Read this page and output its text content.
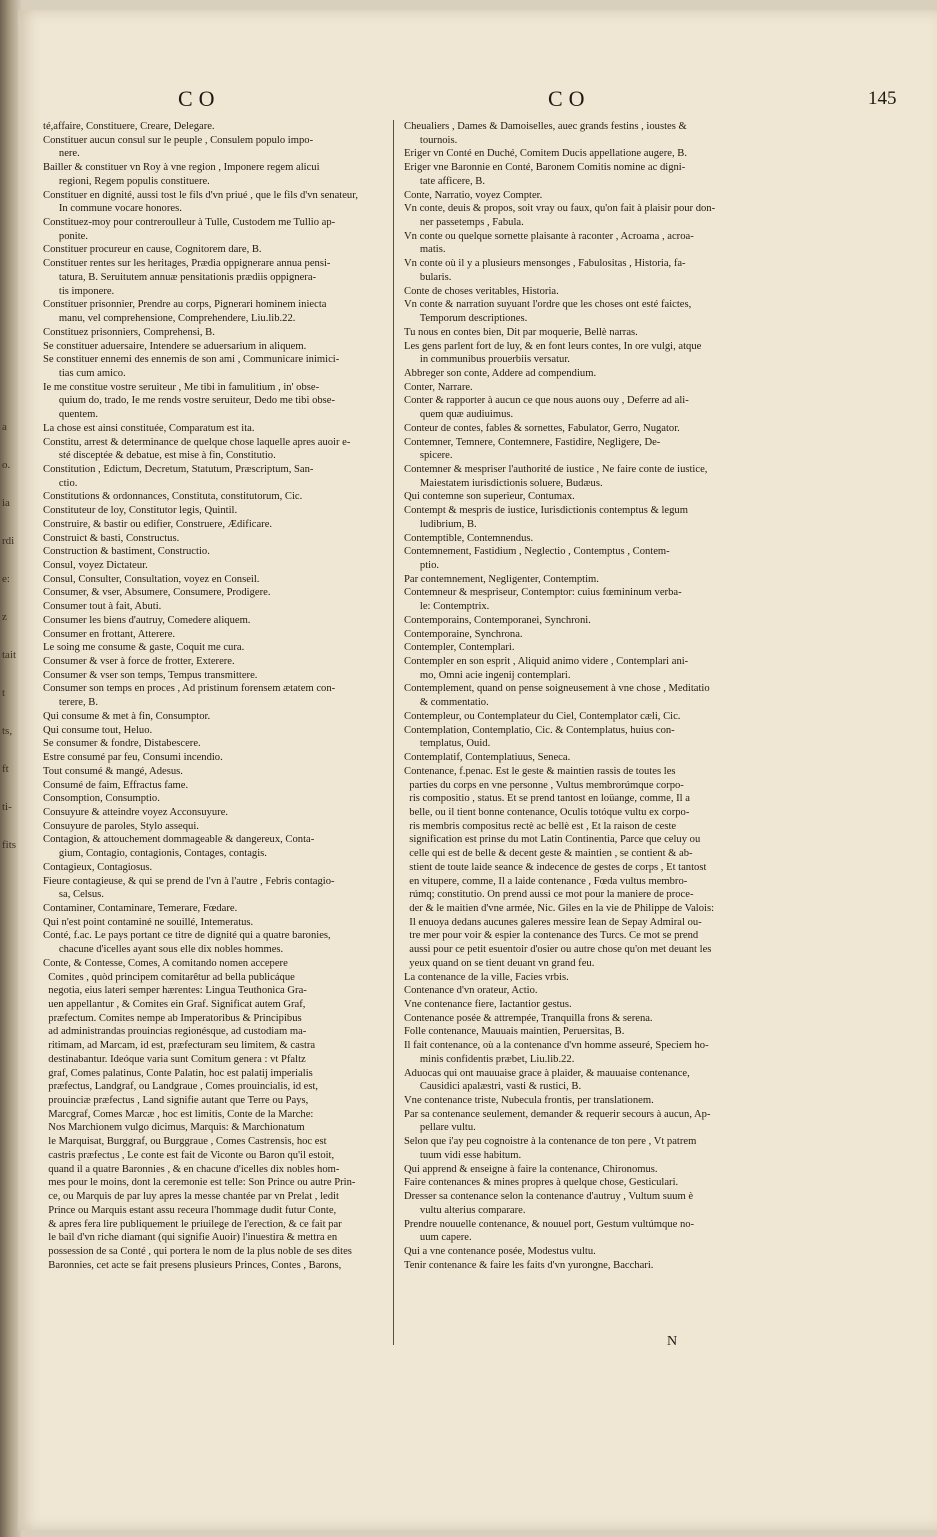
a
o.
ia
rdi
e:
z
tait
t
ts,
ft
ti-
fits
CO	CO	145
té,affaire, Constituere, Creare, Delegare.
Constituer aucun consul sur le peuple , Consulem populo impo-
nere.
Bailler & constituer vn Roy à vne region , Imponere regem alicui
regioni, Regem populis constituere.
Constituer en dignité, aussi tost le fils d'vn priué , que le fils d'vn senateur,
In commune vocare honores.
Constituez-moy pour contreroulleur à Tulle, Custodem me Tullio ap-
ponite.
Constituer procureur en cause, Cognitorem dare, B.
Constituer rentes sur les heritages, Prædia oppignerare annua pensi-
tatura, B. Seruitutem annuæ pensitationis prædiis oppignera-
tis imponere.
Constituer prisonnier, Prendre au corps, Pignerari hominem iniecta
manu, vel comprehensione, Comprehendere, Liu.lib.22.
Constituez prisonniers, Comprehensi, B.
Se constituer aduersaire, Intendere se aduersarium in aliquem.
Se constituer ennemi des ennemis de son ami , Communicare inimici-
tias cum amico.
Ie me constitue vostre seruiteur , Me tibi in famulitium , in' obse-
quium do, trado, Ie me rends vostre seruiteur, Dedo me tibi obse-
quentem.
La chose est ainsi constituée, Comparatum est ita.
Constitu, arrest & determinance de quelque chose laquelle apres auoir e-
sté disceptée & debatue, est mise à fin, Constitutio.
Constitution , Edictum, Decretum, Statutum, Præscriptum, San-
ctio.
Constitutions & ordonnances, Constituta, constitutorum, Cic.
Constituteur de loy, Constitutor legis, Quintil.
Construire, & bastir ou edifier, Construere, Ædificare.
Construict & basti, Constructus.
Construction & bastiment, Constructio.
Consul, voyez Dictateur.
Consul, Consulter, Consultation, voyez en Conseil.
Consumer, & vser, Absumere, Consumere, Prodigere.
Consumer tout à fait, Abuti.
Consumer les biens d'autruy, Comedere aliquem.
Consumer en frottant, Atterere.
Le soing me consume & gaste, Coquit me cura.
Consumer & vser à force de frotter, Exterere.
Consumer & vser son temps, Tempus transmittere.
Consumer son temps en proces , Ad pristinum forensem ætatem con-
terere, B.
Qui consume & met à fin, Consumptor.
Qui consume tout, Heluo.
Se consumer & fondre, Distabescere.
Estre consumé par feu, Consumi incendio.
Tout consumé & mangé, Adesus.
Consumé de faim, Effractus fame.
Consomption, Consumptio.
Consuyure & atteindre voyez Acconsuyure.
Consuyure de paroles, Stylo assequi.
Contagion, & attouchement dommageable & dangereux, Conta-
gium, Contagio, contagionis, Contages, contagis.
Contagieux, Contagiosus.
Fieure contagieuse, & qui se prend de l'vn à l'autre , Febris contagio-
sa, Celsus.
Contaminer, Contaminare, Temerare, Fœdare.
Qui n'est point contaminé ne souillé, Intemeratus.
Conté, f.ac. Le pays portant ce titre de dignité qui a quatre baronies,
chacune d'icelles ayant sous elle dix nobles hommes.
Conte, & Contesse, Comes, A comitando nomen accepere
Comites , quòd principem comitarêtur ad bella publicáque
negotia, eius lateri semper hærentes: Lingua Teuthonica Gra-
uen appellantur , & Comites ein Graf. Significat autem Graf,
præfectum. Comites nempe ab Imperatoribus & Principibus
ad administrandas prouincias regionésque, ad custodiam ma-
ritimam, ad Marcam, id est, præfecturam seu limitem, & castra
destinabantur. Ideóque varia sunt Comitum genera : vt Pfaltz
graf, Comes palatinus, Conte Palatin, hoc est palatij imperialis
præfectus, Landgraf, ou Landgraue , Comes prouincialis, id est,
prouinciæ præfectus , Land signifie autant que Terre ou Pays,
Marcgraf, Comes Marcæ , hoc est limitis, Conte de la Marche:
Nos Marchionem vulgo dicimus, Marquis: & Marchionatum
le Marquisat, Burggraf, ou Burggraue , Comes Castrensis, hoc est
castris præfectus , Le conte est fait de Viconte ou Baron qu'il estoit,
quand il a quatre Baronnies , & en chacune d'icelles dix nobles hom-
mes pour le moins, dont la ceremonie est telle: Son Prince ou autre Prin-
ce, ou Marquis de par luy apres la messe chantée par vn Prelat , ledit
Prince ou Marquis estant assu receura l'hommage dudit futur Conte,
& apres fera lire publiquement le priuilege de l'erection, & ce fait par
le bail d'vn riche diamant (qui signifie Auoir) l'inuestira & mettra en
possession de sa Conté , qui portera le nom de la plus noble de ses dites
Baronnies, cet acte se fait presens plusieurs Princes, Contes , Barons,
Cheualiers , Dames & Damoiselles, auec grands festins , ioustes &
tournois.
Eriger vn Conté en Duché, Comitem Ducis appellatione augere, B.
Eriger vne Baronnie en Conté, Baronem Comitis nomine ac digni-
tate afficere, B.
Conte, Narratio, voyez Compter.
Vn conte, deuis & propos, soit vray ou faux, qu'on fait à plaisir pour don-
ner passetemps , Fabula.
Vn conte ou quelque sornette plaisante à raconter , Acroama , acroa-
matis.
Vn conte où il y a plusieurs mensonges , Fabulositas , Historia, fa-
bularis.
Conte de choses veritables, Historia.
Vn conte & narration suyuant l'ordre que les choses ont esté faictes,
Temporum descriptiones.
Tu nous en contes bien, Dit par moquerie, Bellè narras.
Les gens parlent fort de luy, & en font leurs contes, In ore vulgi, atque
in communibus prouerbiis versatur.
Abbreger son conte, Addere ad compendium.
Conter, Narrare.
Conter & rapporter à aucun ce que nous auons ouy , Deferre ad ali-
quem quæ audiuimus.
Conteur de contes, fables & sornettes, Fabulator, Gerro, Nugator.
Contemner, Temnere, Contemnere, Fastidire, Negligere, De-
spicere.
Contemner & mespriser l'authorité de iustice , Ne faire conte de iustice,
Maiestatem iurisdictionis soluere, Budæus.
Qui contemne son superieur, Contumax.
Contempt & mespris de iustice, Iurisdictionis contemptus & legum
ludibrium, B.
Contemptible, Contemnendus.
Contemnement, Fastidium , Neglectio , Contemptus , Contem-
ptio.
Par contemnement, Negligenter, Contemptim.
Contemneur & mespriseur, Contemptor: cuius fœmininum verba-
le: Contemptrix.
Contemporains, Contemporanei, Synchroni.
Contemporaine, Synchrona.
Contempler, Contemplari.
Contempler en son esprit , Aliquid animo videre , Contemplari ani-
mo, Omni acie ingenij contemplari.
Contemplement, quand on pense soigneusement à vne chose , Meditatio
& commentatio.
Contempleur, ou Contemplateur du Ciel, Contemplator cæli, Cic.
Contemplation, Contemplatio, Cic. & Contemplatus, huius con-
templatus, Ouid.
Contemplatif, Contemplatiuus, Seneca.
Contenance, f.penac. Est le geste & maintien rassis de toutes les
parties du corps en vne personne , Vultus membrorúmque corpo-
ris compositio , status. Et se prend tantost en loüange, comme, Il a
belle, ou il tient bonne contenance, Oculis totóque vultu ex corpo-
ris membris compositus rectè ac bellè est , Et la raison de ceste
signification est prinse du mot Latin Continentia, Parce que celuy ou
celle qui est de belle & decent geste & maintien , se contient & ab-
stient de toute laide seance & indecence de gestes de corps , Et tantost
en vitupere, comme, Il a laide contenance , Fœda vultus membro-
rúmq; constitutio. On prend aussi ce mot pour la maniere de proce-
der & le maitien d'vne armée, Nic. Giles en la vie de Philippe de Valois:
Il enuoya dedans aucunes galeres messire Iean de Sepay Admiral ou-
tre mer pour voir & espier la contenance des Turcs. Ce mot se prend
aussi pour ce petit esuentoir d'osier ou autre chose qu'on met deuant les
yeux quand on se tient deuant vn grand feu.
La contenance de la ville, Facies vrbis.
Contenance d'vn orateur, Actio.
Vne contenance fiere, Iactantior gestus.
Contenance posée & attrempée, Tranquilla frons & serena.
Folle contenance, Mauuais maintien, Peruersitas, B.
Il fait contenance, où a la contenance d'vn homme asseuré, Speciem ho-
minis confidentis præbet, Liu.lib.22.
Aduocas qui ont mauuaise grace à plaider, & mauuaise contenance,
Causidici apalæstri, vasti & rustici, B.
Vne contenance triste, Nubecula frontis, per translationem.
Par sa contenance seulement, demander & requerir secours à aucun, Ap-
pellare vultu.
Selon que i'ay peu cognoistre à la contenance de ton pere , Vt patrem
tuum vidi esse habitum.
Qui apprend & enseigne à faire la contenance, Chironomus.
Faire contenances & mines propres à quelque chose, Gesticulari.
Dresser sa contenance selon la contenance d'autruy , Vultum suum è
vultu alterius comparare.
Prendre nouuelle contenance, & nouuel port, Gestum vultúmque no-
uum capere.
Qui a vne contenance posée, Modestus vultu.
Tenir contenance & faire les faits d'vn yurongne, Bacchari.
N
